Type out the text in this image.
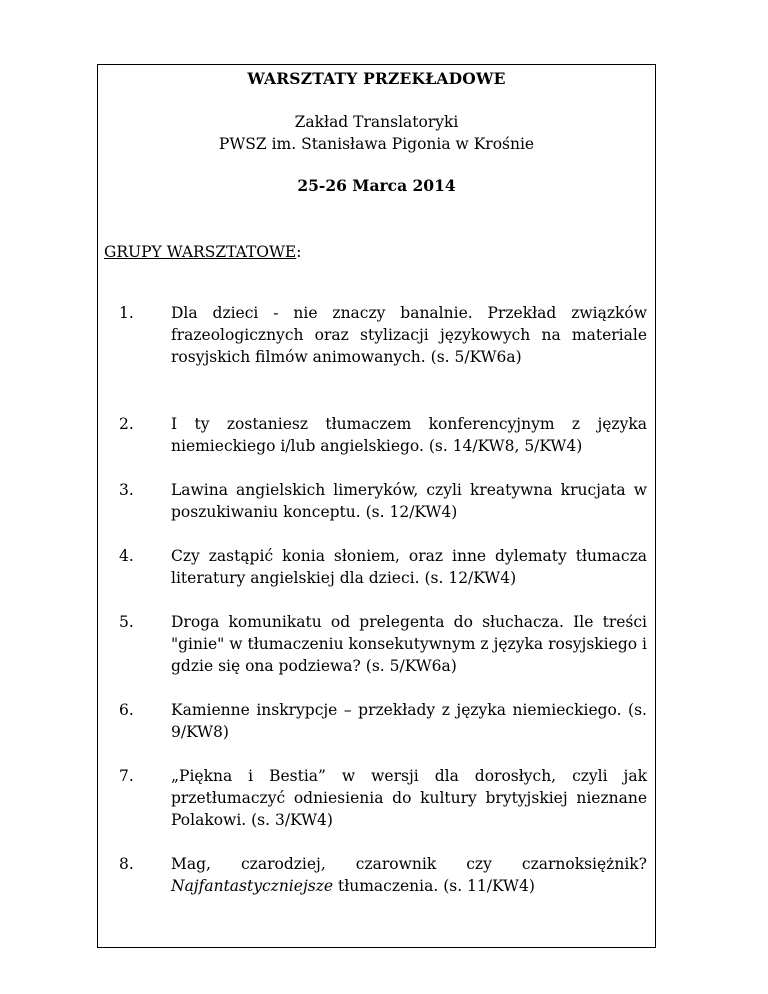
WARSZTATY PRZEKŁADOWE
Zakład Translatoryki
PWSZ im. Stanisława Pigonia w Krośnie
25-26 Marca 2014

GRUPY WARSZTATOWE:

1. Dla dzieci - nie znaczy banalnie. Przekład związków frazeologicznych oraz stylizacji językowych na materiale rosyjskich filmów animowanych. (s. 5/KW6a)

2. I ty zostaniesz tłumaczem konferencyjnym z języka niemieckiego i/lub angielskiego. (s. 14/KW8, 5/KW4)

3. Lawina angielskich limeryków, czyli kreatywna krucjata w poszukiwaniu konceptu. (s. 12/KW4)

4. Czy zastąpić konia słoniem, oraz inne dylematy tłumacza literatury angielskiej dla dzieci. (s. 12/KW4)

5. Droga komunikatu od prelegenta do słuchacza. Ile treści "ginie" w tłumaczeniu konsekutywnym z języka rosyjskiego i gdzie się ona podziewa? (s. 5/KW6a)

6. Kamienne inskrypcje – przekłady z języka niemieckiego. (s. 9/KW8)

7. „Piękna i Bestia” w wersji dla dorosłych, czyli jak przetłumaczyć odniesienia do kultury brytyjskiej nieznane Polakowi. (s. 3/KW4)

8. Mag, czarodziej, czarownik czy czarnoksiężnik? Najfantastyczniejsze tłumaczenia. (s. 11/KW4)
